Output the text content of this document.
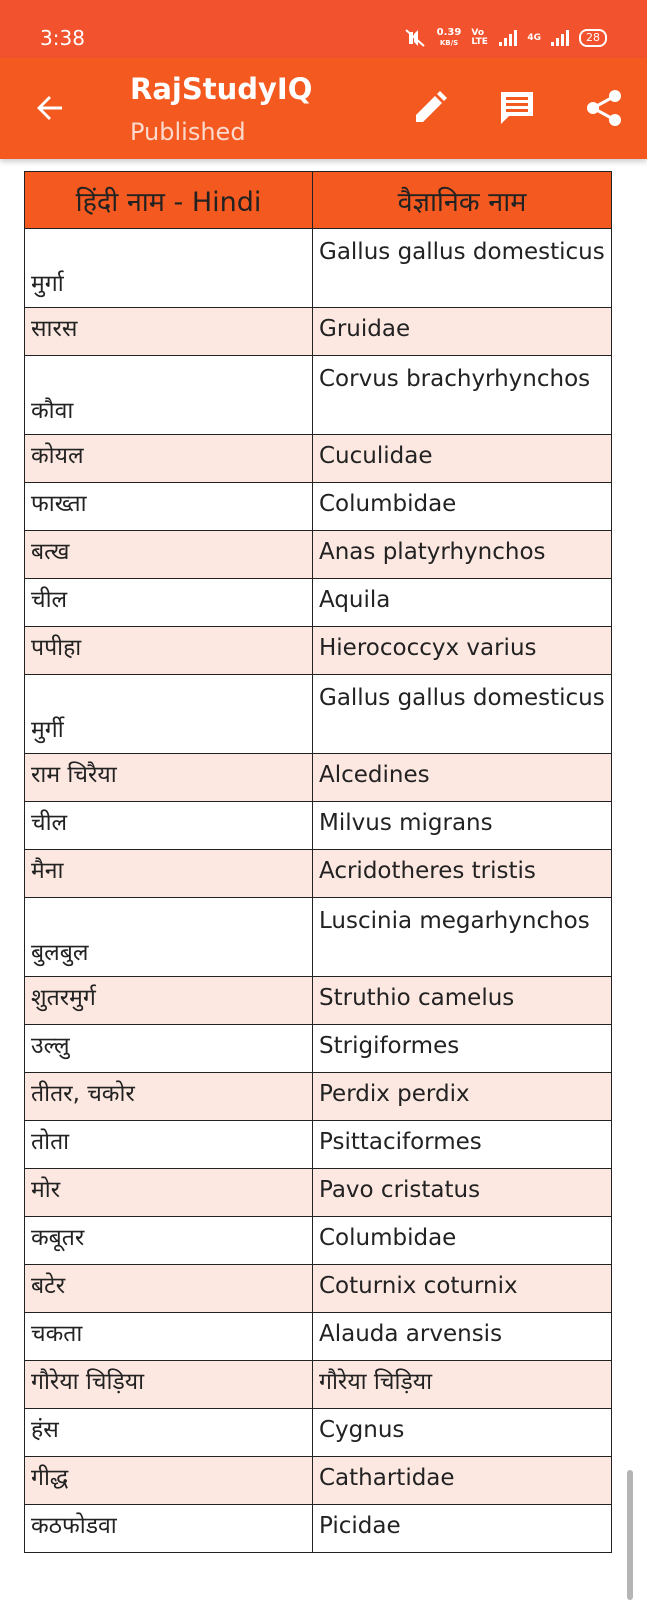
3:38	0.39
KB/S
Vo LTE	4G	28
RajStudyIQ
Published
हिंदी नाम - Hindi	वैज्ञानिक नाम
मुर्गा	Gallus gallus domesticus
सारस	Gruidae
कौवा	Corvus brachyrhynchos
कोयल	Cuculidae
फाख्ता	Columbidae
बत्ख	Anas platyrhynchos
चील	Aquila
पपीहा	Hierococcyx varius
मुर्गी	Gallus gallus domesticus
राम चिरैया	Alcedines
चील	Milvus migrans
मैना	Acridotheres tristis
बुलबुल	Luscinia megarhynchos
शुतरमुर्ग	Struthio camelus
उल्लु	Strigiformes
तीतर, चकोर	Perdix perdix
तोता	Psittaciformes
मोर	Pavo cristatus
कबूतर	Columbidae
बटेर	Coturnix coturnix
चकता	Alauda arvensis
गौरेया चिड़िया	गौरेया चिड़िया
हंस	Cygnus
गीद्ध	Cathartidae
कठफोडवा	Picidae
